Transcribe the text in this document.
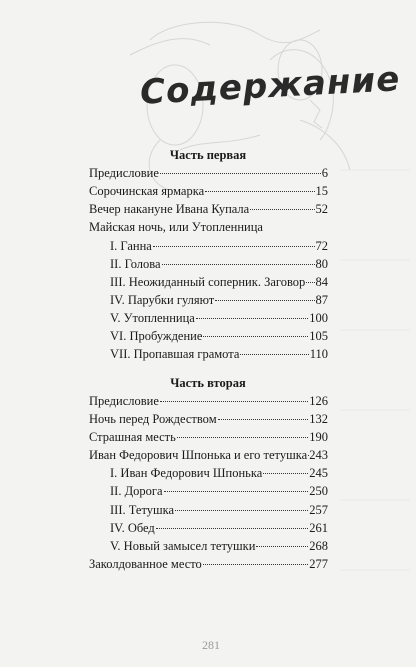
Содержание
Часть первая
Предисловие	6
Сорочинская ярмарка	15
Вечер накануне Ивана Купала	52
Майская ночь, или Утопленница
I. Ганна	72
II. Голова	80
III. Неожиданный соперник. Заговор 84
IV. Парубки гуляют	87
V. Утопленница	100
VI. Пробуждение	105
VII. Пропавшая грамота	110
Часть вторая
Предисловие	126
Ночь перед Рождеством	132
Страшная месть	190
Иван Федорович Шпонька и его тетушка 243
I. Иван Федорович Шпонька	245
II. Дорога	250
III. Тетушка	257
IV. Обед	261
V. Новый замысел тетушки	268
Заколдованное место	277
281
